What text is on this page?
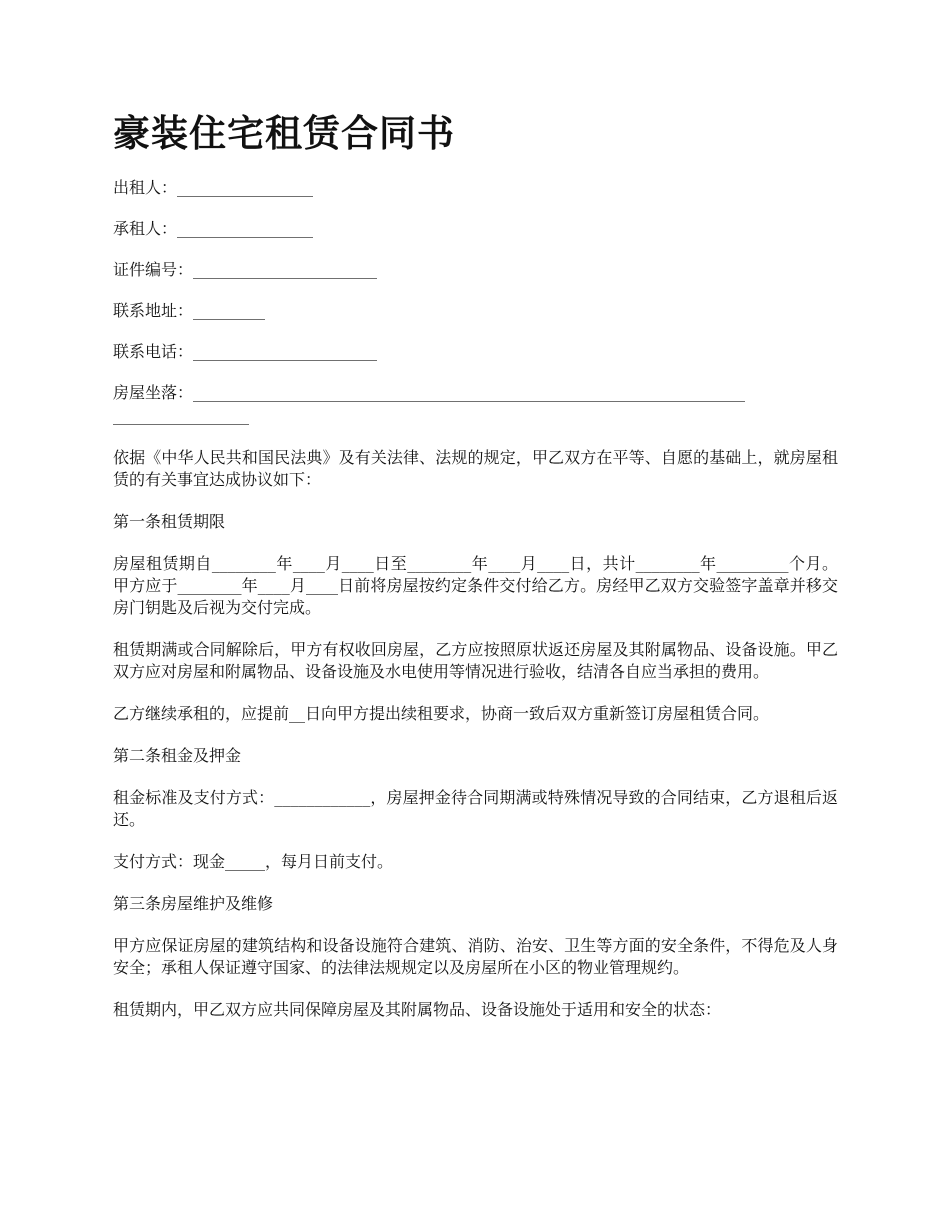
豪装住宅租赁合同书
出租人：_________________
承租人：_________________
证件编号：_______________________
联系地址：_________
联系电话：_______________________
房屋坐落：_____________________________________________________________________
_________________

依据《中华人民共和国民法典》及有关法律、法规的规定，甲乙双方在平等、自愿的基础上，就房屋租赁的有关事宜达成协议如下：

第一条租赁期限

房屋租赁期自________年____月____日至________年____月____日，共计________年_________个月。甲方应于________年____月____日前将房屋按约定条件交付给乙方。房经甲乙双方交验签字盖章并移交房门钥匙及后视为交付完成。

租赁期满或合同解除后，甲方有权收回房屋，乙方应按照原状返还房屋及其附属物品、设备设施。甲乙双方应对房屋和附属物品、设备设施及水电使用等情况进行验收，结清各自应当承担的费用。

乙方继续承租的，应提前__日向甲方提出续租要求，协商一致后双方重新签订房屋租赁合同。

第二条租金及押金

租金标准及支付方式：____________，房屋押金待合同期满或特殊情况导致的合同结束，乙方退租后返还。

支付方式：现金_____，每月日前支付。

第三条房屋维护及维修

甲方应保证房屋的建筑结构和设备设施符合建筑、消防、治安、卫生等方面的安全条件，不得危及人身安全；承租人保证遵守国家、的法律法规规定以及房屋所在小区的物业管理规约。

租赁期内，甲乙双方应共同保障房屋及其附属物品、设备设施处于适用和安全的状态：
